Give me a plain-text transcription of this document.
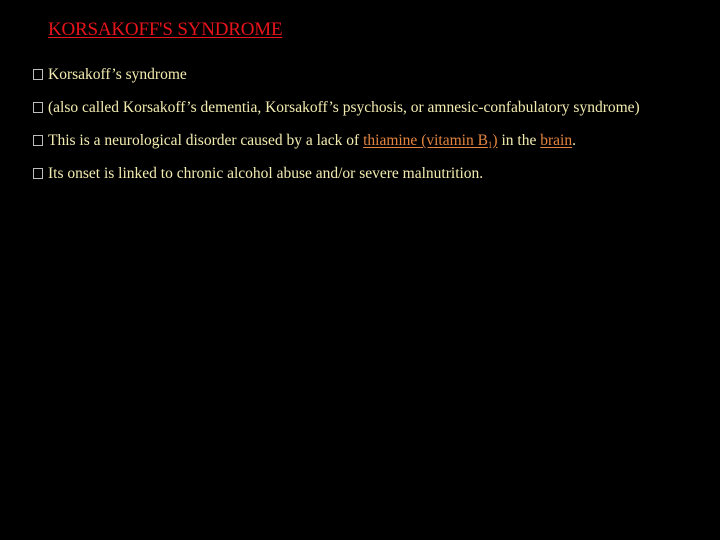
KORSAKOFF'S SYNDROME
Korsakoff’s syndrome
(also called Korsakoff’s dementia, Korsakoff’s psychosis, or amnesic-confabulatory syndrome)
This is a neurological disorder caused by a lack of thiamine (vitamin $B_1$) in the brain.
Its onset is linked to chronic alcohol abuse and/or severe malnutrition.
